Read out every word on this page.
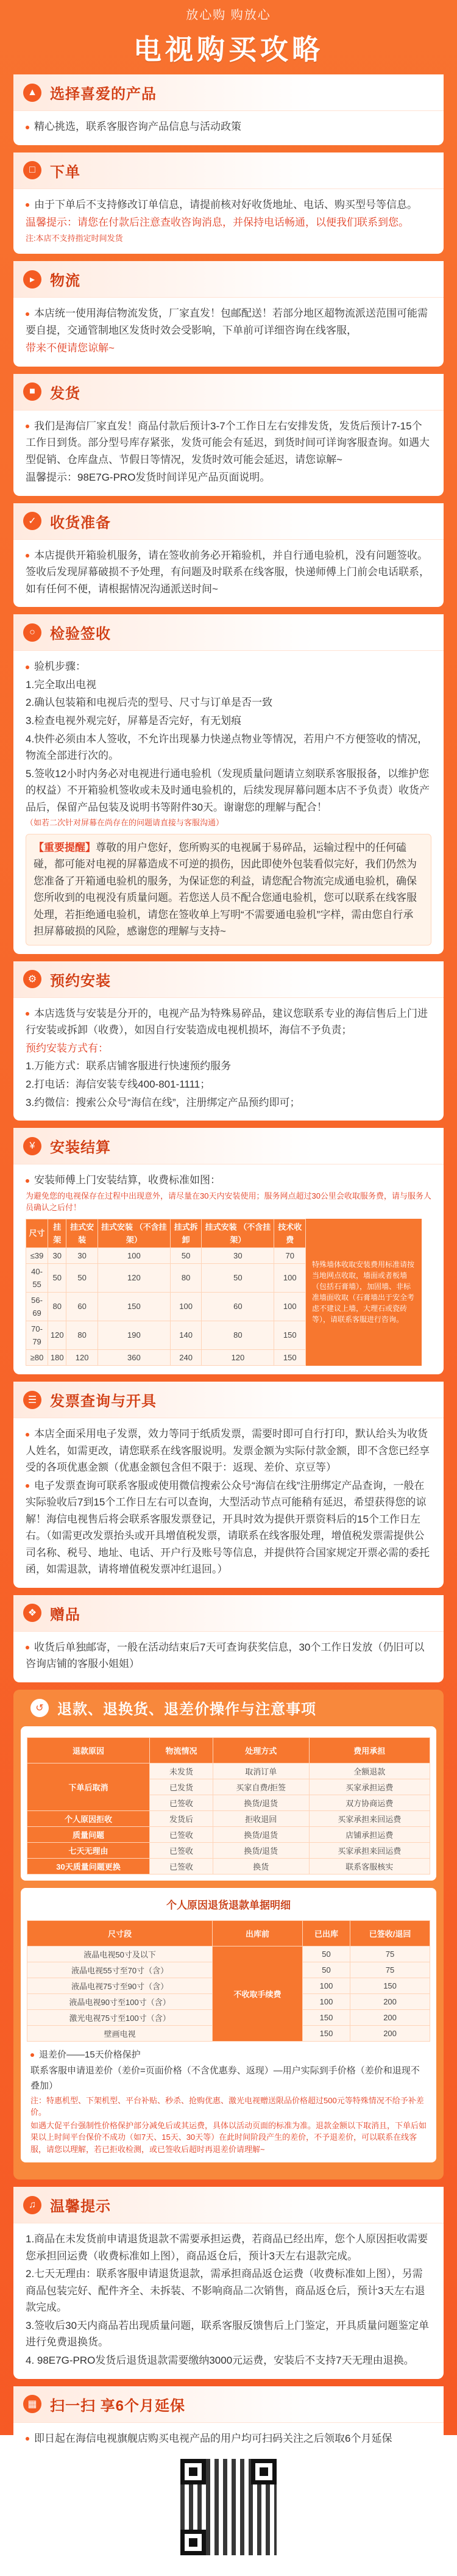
放心购 购放心
电视购买攻略
▲ 选择喜爱的产品

精心挑选，联系客服咨询产品信息与活动政策

□	下单

由于下单后不支持修改订单信息，请提前核对好收货地址、电话、购买型号等信息。

温馨提示：请您在付款后注意查收咨询消息，并保持电话畅通，以便我们联系到您。

注:本店不支持指定时间发货

▸	物流

本店统一使用海信物流发货，厂家直发！包邮配送！若部分地区超物流派送范围可能需要自提，交通管制地区发货时效会受影响，下单前可详细咨询在线客服，

带来不便请您谅解~

■	发货

我们是海信厂家直发！商品付款后预计3-7个工作日左右安排发货，发货后预计7-15个工作日到货。部分型号库存紧张，发货可能会有延迟，到货时间可详询客服查询。如遇大型促销、仓库盘点、节假日等情况，发货时效可能会延迟，请您谅解~

温馨提示：98E7G-PRO发货时间详见产品页面说明。

✓ 收货准备

本店提供开箱验机服务，请在签收前务必开箱验机，并自行通电验机，没有问题签收。签收后发现屏幕破损不予处理，有问题及时联系在线客服，快递师傅上门前会电话联系，如有任何不便，请根据情况沟通派送时间~

○	检验签收

验机步骤：

1.完全取出电视

2.确认包装箱和电视后壳的型号、尺寸与订单是否一致

3.检查电视外观完好，屏幕是否完好，有无划痕

4.快件必须由本人签收，不允许出现暴力快递点物业等情况，若用户不方便签收的情况，物流全部进行次的。

5.签收12小时内务必对电视进行通电验机（发现质量问题请立刻联系客服报备，以维护您的权益）不开箱验机签收或未及时通电验机的，后续发现屏幕问题本店不予负责）收货产品后，保留产品包装及说明书等附件30天。谢谢您的理解与配合！

（如若二次针对屏幕在尚存在的问题请直接与客服沟通）

【重要提醒】尊敬的用户您好，您所购买的电视属于易碎品，运输过程中的任何磕碰，都可能对电视的屏幕造成不可逆的损伤，因此即使外包装看似完好，我们仍然为您准备了开箱通电验机的服务，为保证您的利益，请您配合物流完成通电验机，确保您所收到的电视没有质量问题。若您送人员不配合您通电验机，您可以联系在线客服处理，若拒绝通电验机，请您在签收单上写明“不需要通电验机”字样，需由您自行承担屏幕破损的风险，感谢您的理解与支持~
⚙ 预约安装

本店选货与安装是分开的，电视产品为特殊易碎品，建议您联系专业的海信售后上门进行安装或拆卸（收费），如因自行安装造成电视机损坏，海信不予负责；

预约安装方式有：

1.万能方式：联系店铺客服进行快速预约服务

2.打电话：海信安装专线400-801-1111；

3.约微信：搜索公众号“海信在线”，注册绑定产品预约即可；

¥	安装结算

安装师傅上门安装结算，收费标准如图：

为避免您的电视保存在过程中出现意外，请尽量在30天内安装使用；服务网点超过30公里会收取服务费，请与服务人员确认之后付！

尺寸	挂架	挂式安装	挂式安装 （不含挂架）	挂式拆卸	挂式安装 （不含挂架）	技术收费
≤39	30	30	100	50	30	70
40-55	50	50	120	80	50	100
56-69	80	60	150	100	60	100
70-79	120	80	190	140	80	150
≥80	180	120	360	240	120	150
特殊墙体收取安装费用标准请按当地网点收取，墙面或者板墙（包括石膏墙），加固墙、非标准墙面收取（石膏墙出于安全考虑不建议上墙，大理石或瓷砖等），请联系客服进行咨询。
☰ 发票查询与开具

本店全面采用电子发票，效力等同于纸质发票，需要时即可自行打印，默认给头为收货人姓名，如需更改，请您联系在线客服说明。发票金额为实际付款金额，即不含您已经享受的各项优惠金额（优惠金额包含但不限于：返现、差价、京豆等）

电子发票查询可联系客服或使用微信搜索公众号“海信在线”注册绑定产品查询，一般在实际验收后7到15个工作日左右可以查询，大型活动节点可能稍有延迟，希望获得您的谅解！海信电视售后将会联系客服发票登记，开具时效为提供开票资料后的15个工作日左右。（如需更改发票抬头或开具增值税发票，请联系在线客服处理，增值税发票需提供公司名称、税号、地址、电话、开户行及账号等信息，并提供符合国家规定开票必需的委托函，如需退款，请将增值税发票冲红退回。）

❖ 赠品

收货后单独邮寄，一般在活动结束后7天可查询获奖信息，30个工作日发放（仍旧可以咨询店铺的客服小姐姐）

↺ 退款、退换货、退差价操作与注意事项
退款原因	物流情况	处理方式	费用承担
下单后取消	未发货	取消订单	全额退款
	已发货	买家自费/拒签	买家承担运费
	已签收	换货/退货	双方协商运费
个人原因拒收	发货后	拒收退回	买家承担来回运费
质量问题	已签收	换货/退货	店铺承担运费
七天无理由	已签收	换货/退货	买家承担来回运费
30天质量问题更换	已签收	换货	联系客服核实
个人原因退货退款单据明细
尺寸段	出库前	已出库	已签收/退回
液晶电视50寸及以下	不收取手续费	50	75
液晶电视55寸至70寸（含）		50	75
液晶电视75寸至90寸（含）		100	150
液晶电视90寸至100寸（含）		100	200
激光电视75寸至100寸（含）		150	200
壁画电视		150	200

退差价——15天价格保护

联系客服申请退差价（差价=页面价格（不含优惠券、返现）—用户实际到手价格（差价和退现不叠加）

注：特惠机型、下架机型、平台补贴、秒杀、抢购优惠、激光电视赠送限品价格超过500元等特殊情况不给予补差价。

如遇大促平台强制性价格保护部分减免后或其运费，具体以活动页面的标准为准。退款金额以下取消且，下单后如果以上时间平台保价不成功（如7天、15天、30天等）在此时间阶段产生的差价，不予退差价，可以联系在线客服，请您以理解，若已拒收检测，或已签收后超时再退差价请理解~

♫ 温馨提示

1.商品在未发货前申请退货退款不需要承担运费，若商品已经出库，您个人原因拒收需要您承担回运费（收费标准如上图），商品返仓后，预计3天左右退款完成。

2.七天无理由：联系客服申请退货退款，需承担商品返仓运费（收费标准如上图），另需商品包装完好、配件齐全、未拆装、不影响商品二次销售，商品返仓后，预计3天左右退款完成。

3.签收后30天内商品若出现质量问题，联系客服反馈售后上门鉴定，开具质量问题鉴定单进行免费退换货。

4. 98E7G-PRO发货后退货退款需要缴纳3000元运费，安装后不支持7天无理由退换。

▦ 扫一扫 享6个月延保

即日起在海信电视旗舰店购买电视产品的用户均可扫码关注之后领取6个月延保
